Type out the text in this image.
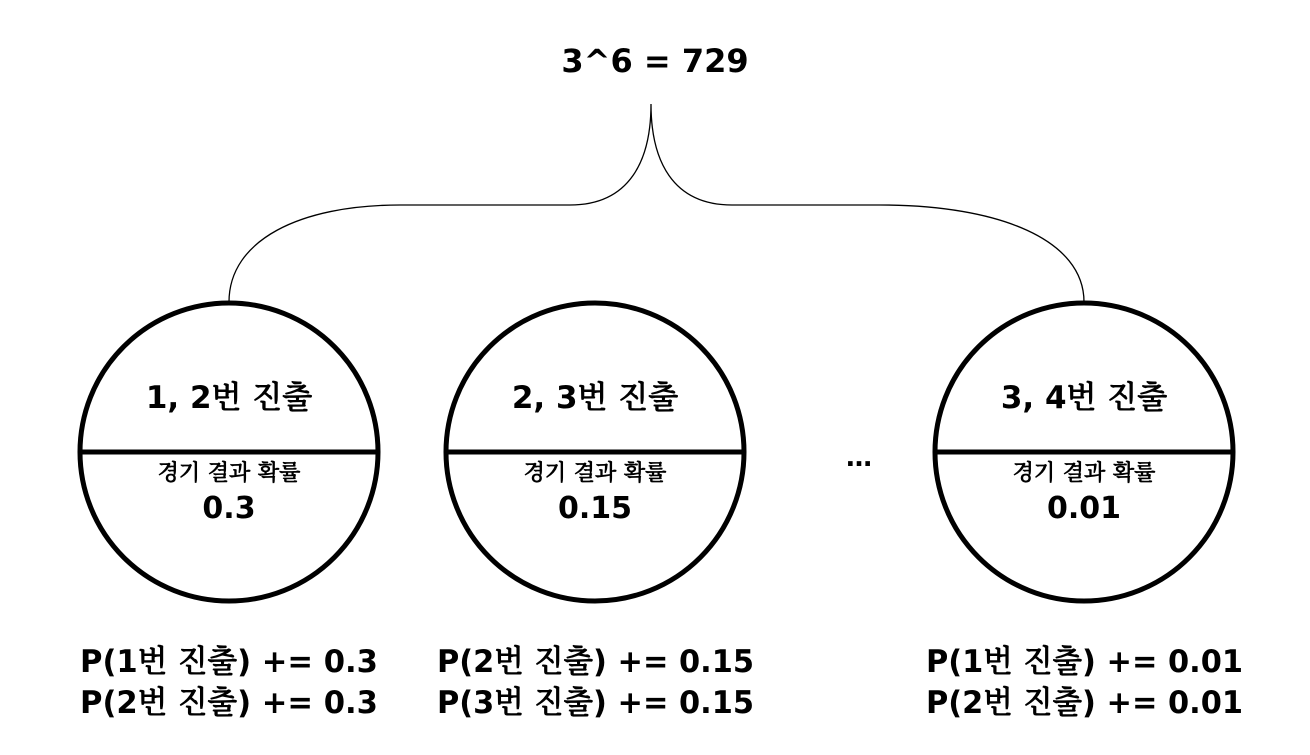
3^6 = 729
1, 2번 진출
경기 결과 확률
0.3
2, 3번 진출
경기 결과 확률
0.15
…
3, 4번 진출
경기 결과 확률
0.01
P(1번 진출) += 0.3
P(2번 진출) += 0.3
P(2번 진출) += 0.15
P(3번 진출) += 0.15
P(1번 진출) += 0.01
P(2번 진출) += 0.01
